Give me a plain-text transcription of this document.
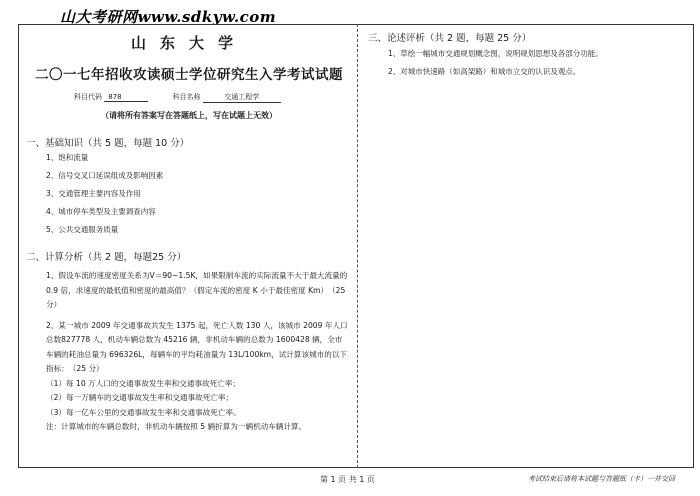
山大考研网www.sdkyw.com
山东大学
二〇一七年招收攻读硕士学位研究生入学考试试题
科目代码 878	科目名称	交通工程学
（请将所有答案写在答题纸上，写在试题上无效）
一、基础知识（共 5 题，每题 10 分）
1、饱和流量
2、信号交叉口延误组成及影响因素
3、交通管理主要内容及作用
4、城市停车类型及主要调查内容
5、公共交通服务质量
二、计算分析（共 2 题，每题25 分）
1、假设车流的速度密度关系为V＝90−1.5K，如果限制车流的实际流量不大于最大流量的 0.9 倍，求速度的最低值和密度的最高值？（假定车流的密度 K 小于最佳密度 Km）　（25 分）
2、某一城市 2009 年交通事故共发生 1375 起，死亡人数 130 人，该城市 2009 年人口总数827778 人，机动车辆总数为 45216 辆，非机动车辆的总数为 1600428 辆，全市车辆的耗油总量为 696326L，每辆车的平均耗油量为 13L/100km，试计算该城市的以下指标：　（25 分）
（1）每 10 万人口的交通事故发生率和交通事故死亡率；
（2）每一万辆车的交通事故发生率和交通事故死亡率；
（3）每一亿车公里的交通事故发生率和交通事故死亡率。
注：计算城市的车辆总数时，非机动车辆按照 5 辆折算为一辆机动车辆计算。
三、论述评析（共 2 题，每题 25 分）
1、草绘一幅城市交通规划概念图，说明规划思想及各部分功能。
2、对城市快速路（如高架路）和城市立交的认识及观点。
第 1 页 共 1 页	考试结束后请将本试题与答题纸（卡）一并交回
